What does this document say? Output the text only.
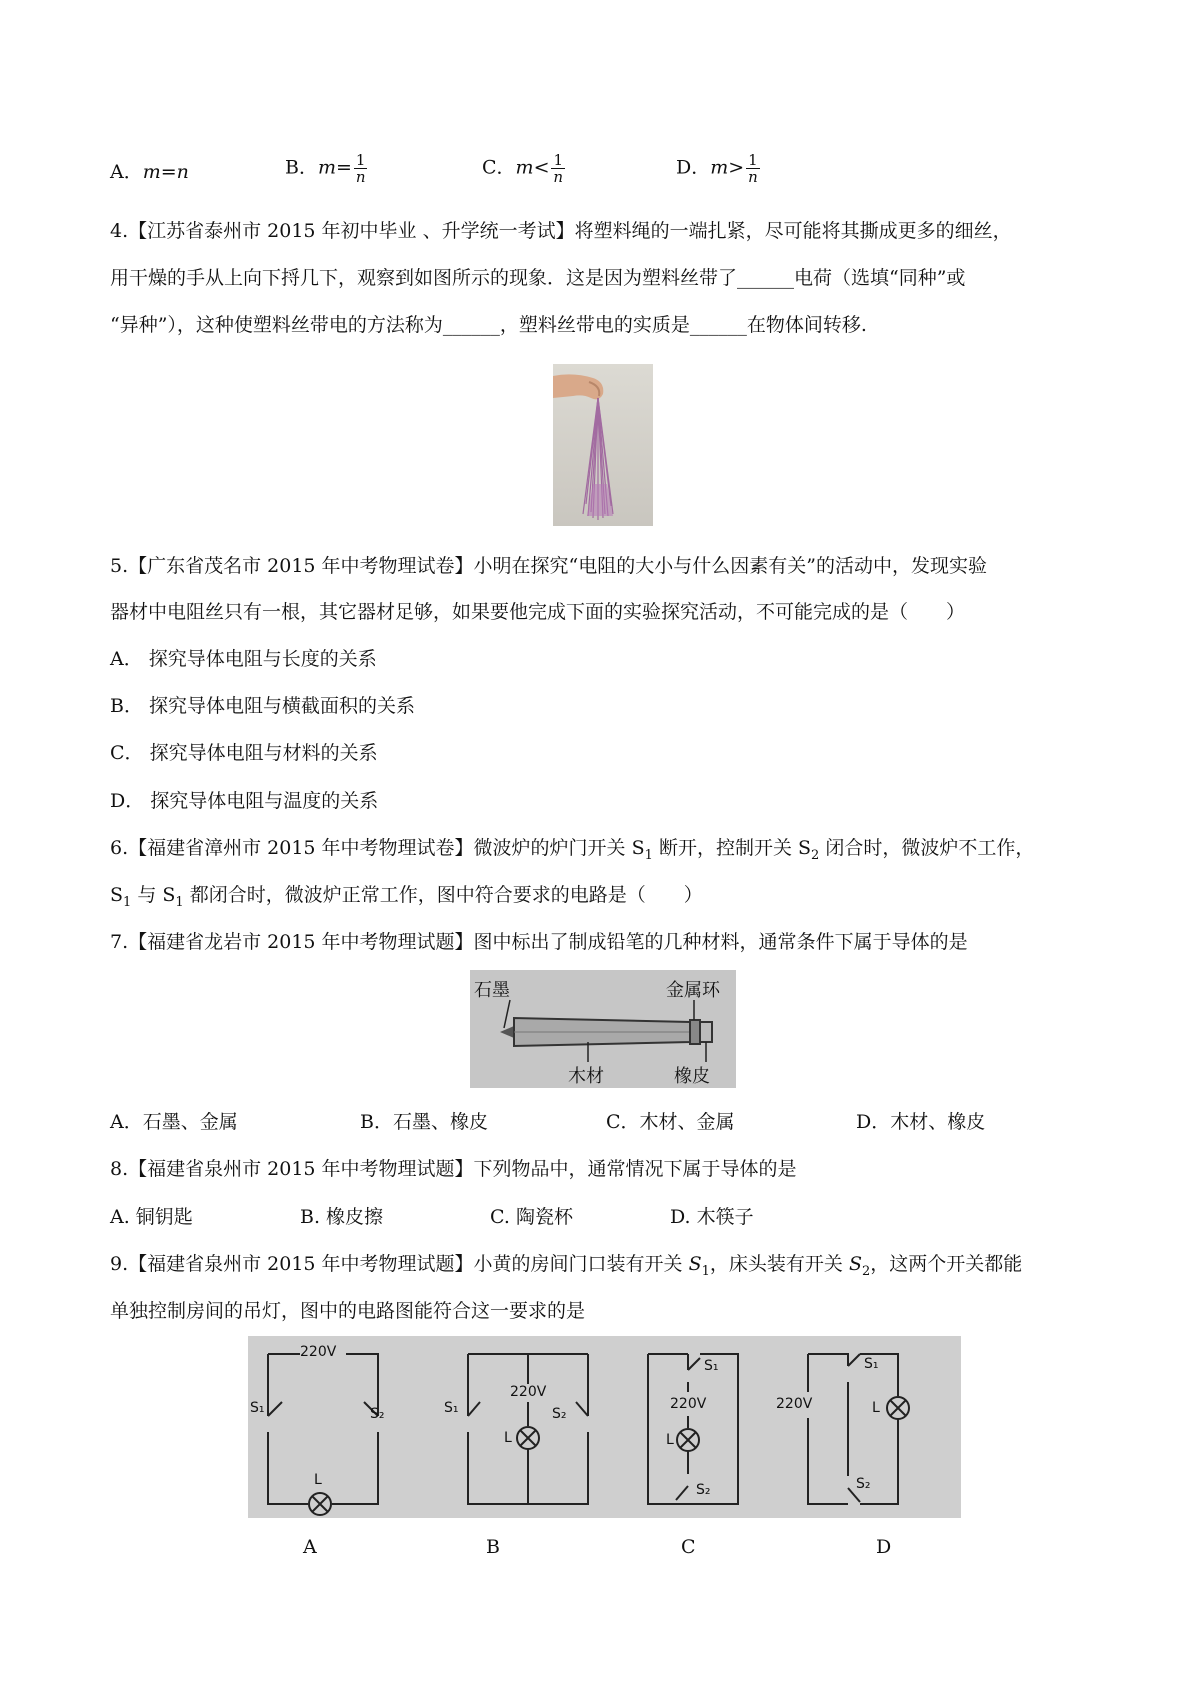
A．m=n	B．$m= \frac{1}{n}$	C．$m< \frac{1}{n}$	D．$m> \frac{1}{n}$
4.【江苏省泰州市 2015 年初中毕业 、升学统一考试】将塑料绳的一端扎紧，尽可能将其撕成更多的细丝，
用干燥的手从上向下捋几下，观察到如图所示的现象．这是因为塑料丝带了______电荷（选填“同种”或
“异种”），这种使塑料丝带电的方法称为______，塑料丝带电的实质是______在物体间转移.
5.【广东省茂名市 2015 年中考物理试卷】小明在探究“电阻的大小与什么因素有关”的活动中，发现实验
器材中电阻丝只有一根，其它器材足够，如果要他完成下面的实验探究活动，不可能完成的是（　　）
A． 探究导体电阻与长度的关系
B． 探究导体电阻与横截面积的关系
C． 探究导体电阻与材料的关系
D． 探究导体电阻与温度的关系
6.【福建省漳州市 2015 年中考物理试卷】微波炉的炉门开关 $S_1$ 断开，控制开关 $S_2$ 闭合时，微波炉不工作，
$S_1$ 与 $S_1$ 都闭合时，微波炉正常工作，图中符合要求的电路是（　　）
7.【福建省龙岩市 2015 年中考物理试题】图中标出了制成铅笔的几种材料，通常条件下属于导体的是
石墨	金属环
木材	橡皮
A．石墨、金属	B．石墨、橡皮	C．木材、金属	D．木材、橡皮
8.【福建省泉州市 2015 年中考物理试题】下列物品中，通常情况下属于导体的是
A. 铜钥匙	B. 橡皮擦	C. 陶瓷杯	D. 木筷子
9.【福建省泉州市 2015 年中考物理试题】小黄的房间门口装有开关 $S_1$，床头装有开关 $S_2$，这两个开关都能
单独控制房间的吊灯，图中的电路图能符合这一要求的是
220V
S₁	S₂
L
220V
S₁	S₂
L
S₁
220V
L
S₂
220V
S₁
L
S₂
A	B	C	D
